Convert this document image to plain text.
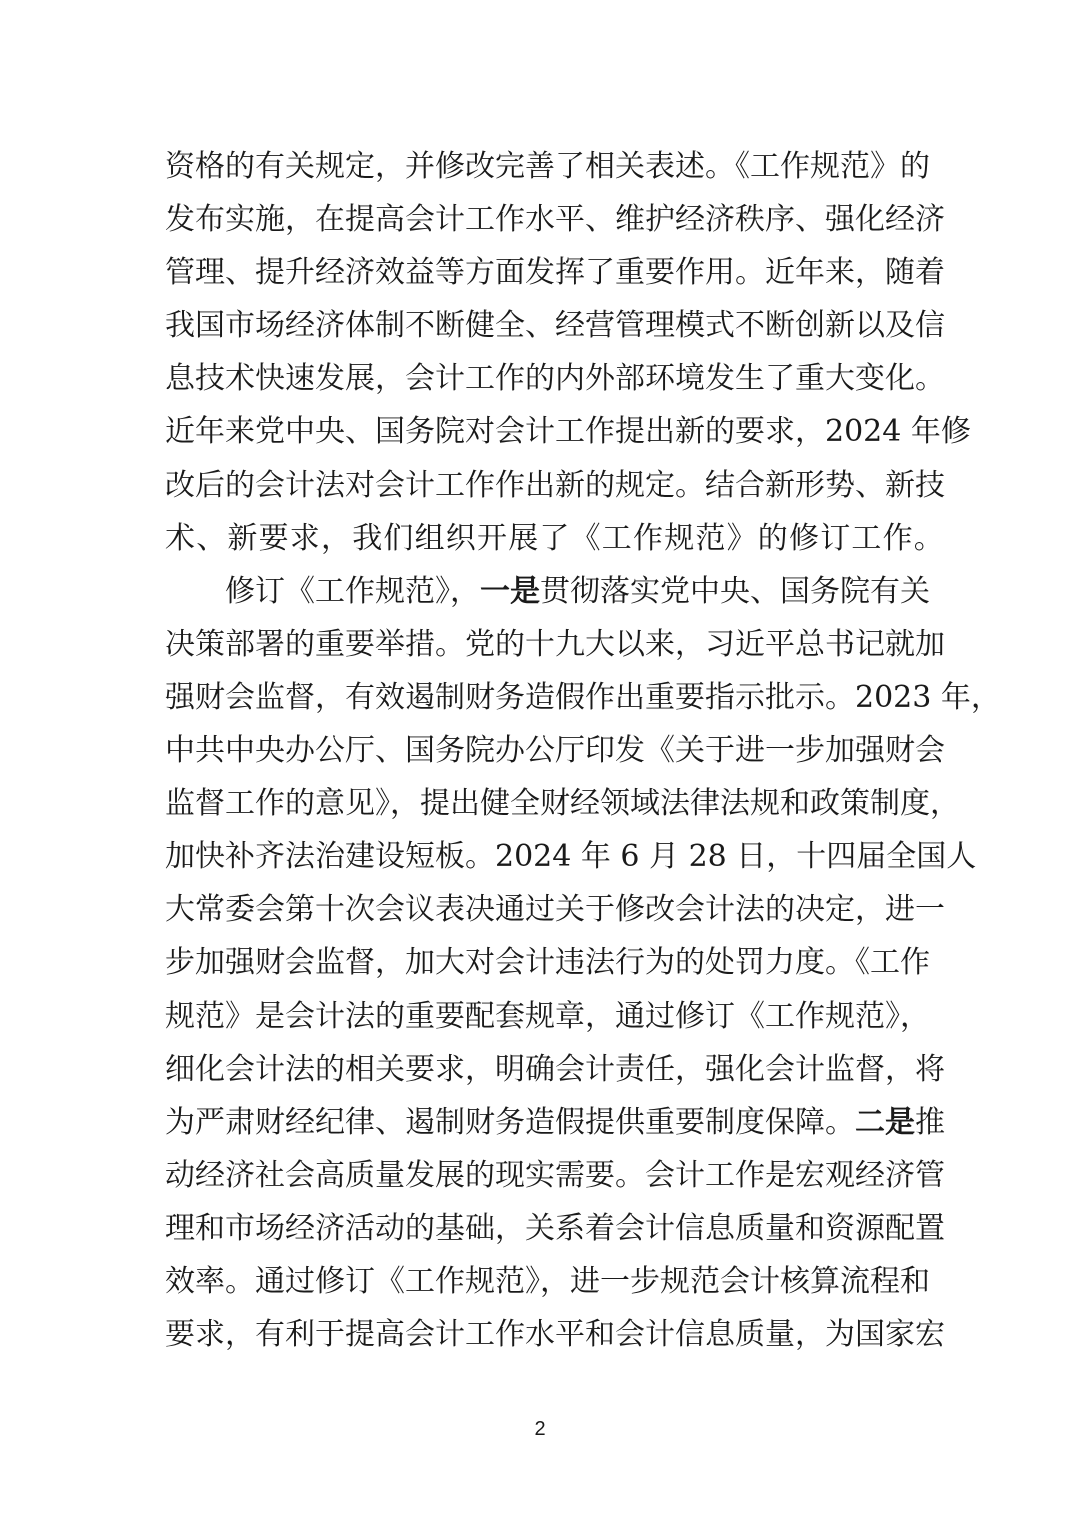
资格的有关规定，并修改完善了相关表述。《工作规范》的
发布实施，在提高会计工作水平、维护经济秩序、强化经济
管理、提升经济效益等方面发挥了重要作用。近年来，随着
我国市场经济体制不断健全、经营管理模式不断创新以及信
息技术快速发展，会计工作的内外部环境发生了重大变化。
近年来党中央、国务院对会计工作提出新的要求，2024 年修
改后的会计法对会计工作作出新的规定。结合新形势、新技
术、新要求，我们组织开展了《工作规范》的修订工作。
修订《工作规范》，一是贯彻落实党中央、国务院有关
决策部署的重要举措。党的十九大以来，习近平总书记就加
强财会监督，有效遏制财务造假作出重要指示批示。2023 年，
中共中央办公厅、国务院办公厅印发《关于进一步加强财会
监督工作的意见》，提出健全财经领域法律法规和政策制度，
加快补齐法治建设短板。2024 年 6 月 28 日，十四届全国人
大常委会第十次会议表决通过关于修改会计法的决定，进一
步加强财会监督，加大对会计违法行为的处罚力度。《工作
规范》是会计法的重要配套规章，通过修订《工作规范》，
细化会计法的相关要求，明确会计责任，强化会计监督，将
为严肃财经纪律、遏制财务造假提供重要制度保障。二是推
动经济社会高质量发展的现实需要。会计工作是宏观经济管
理和市场经济活动的基础，关系着会计信息质量和资源配置
效率。通过修订《工作规范》，进一步规范会计核算流程和
要求，有利于提高会计工作水平和会计信息质量，为国家宏
2
